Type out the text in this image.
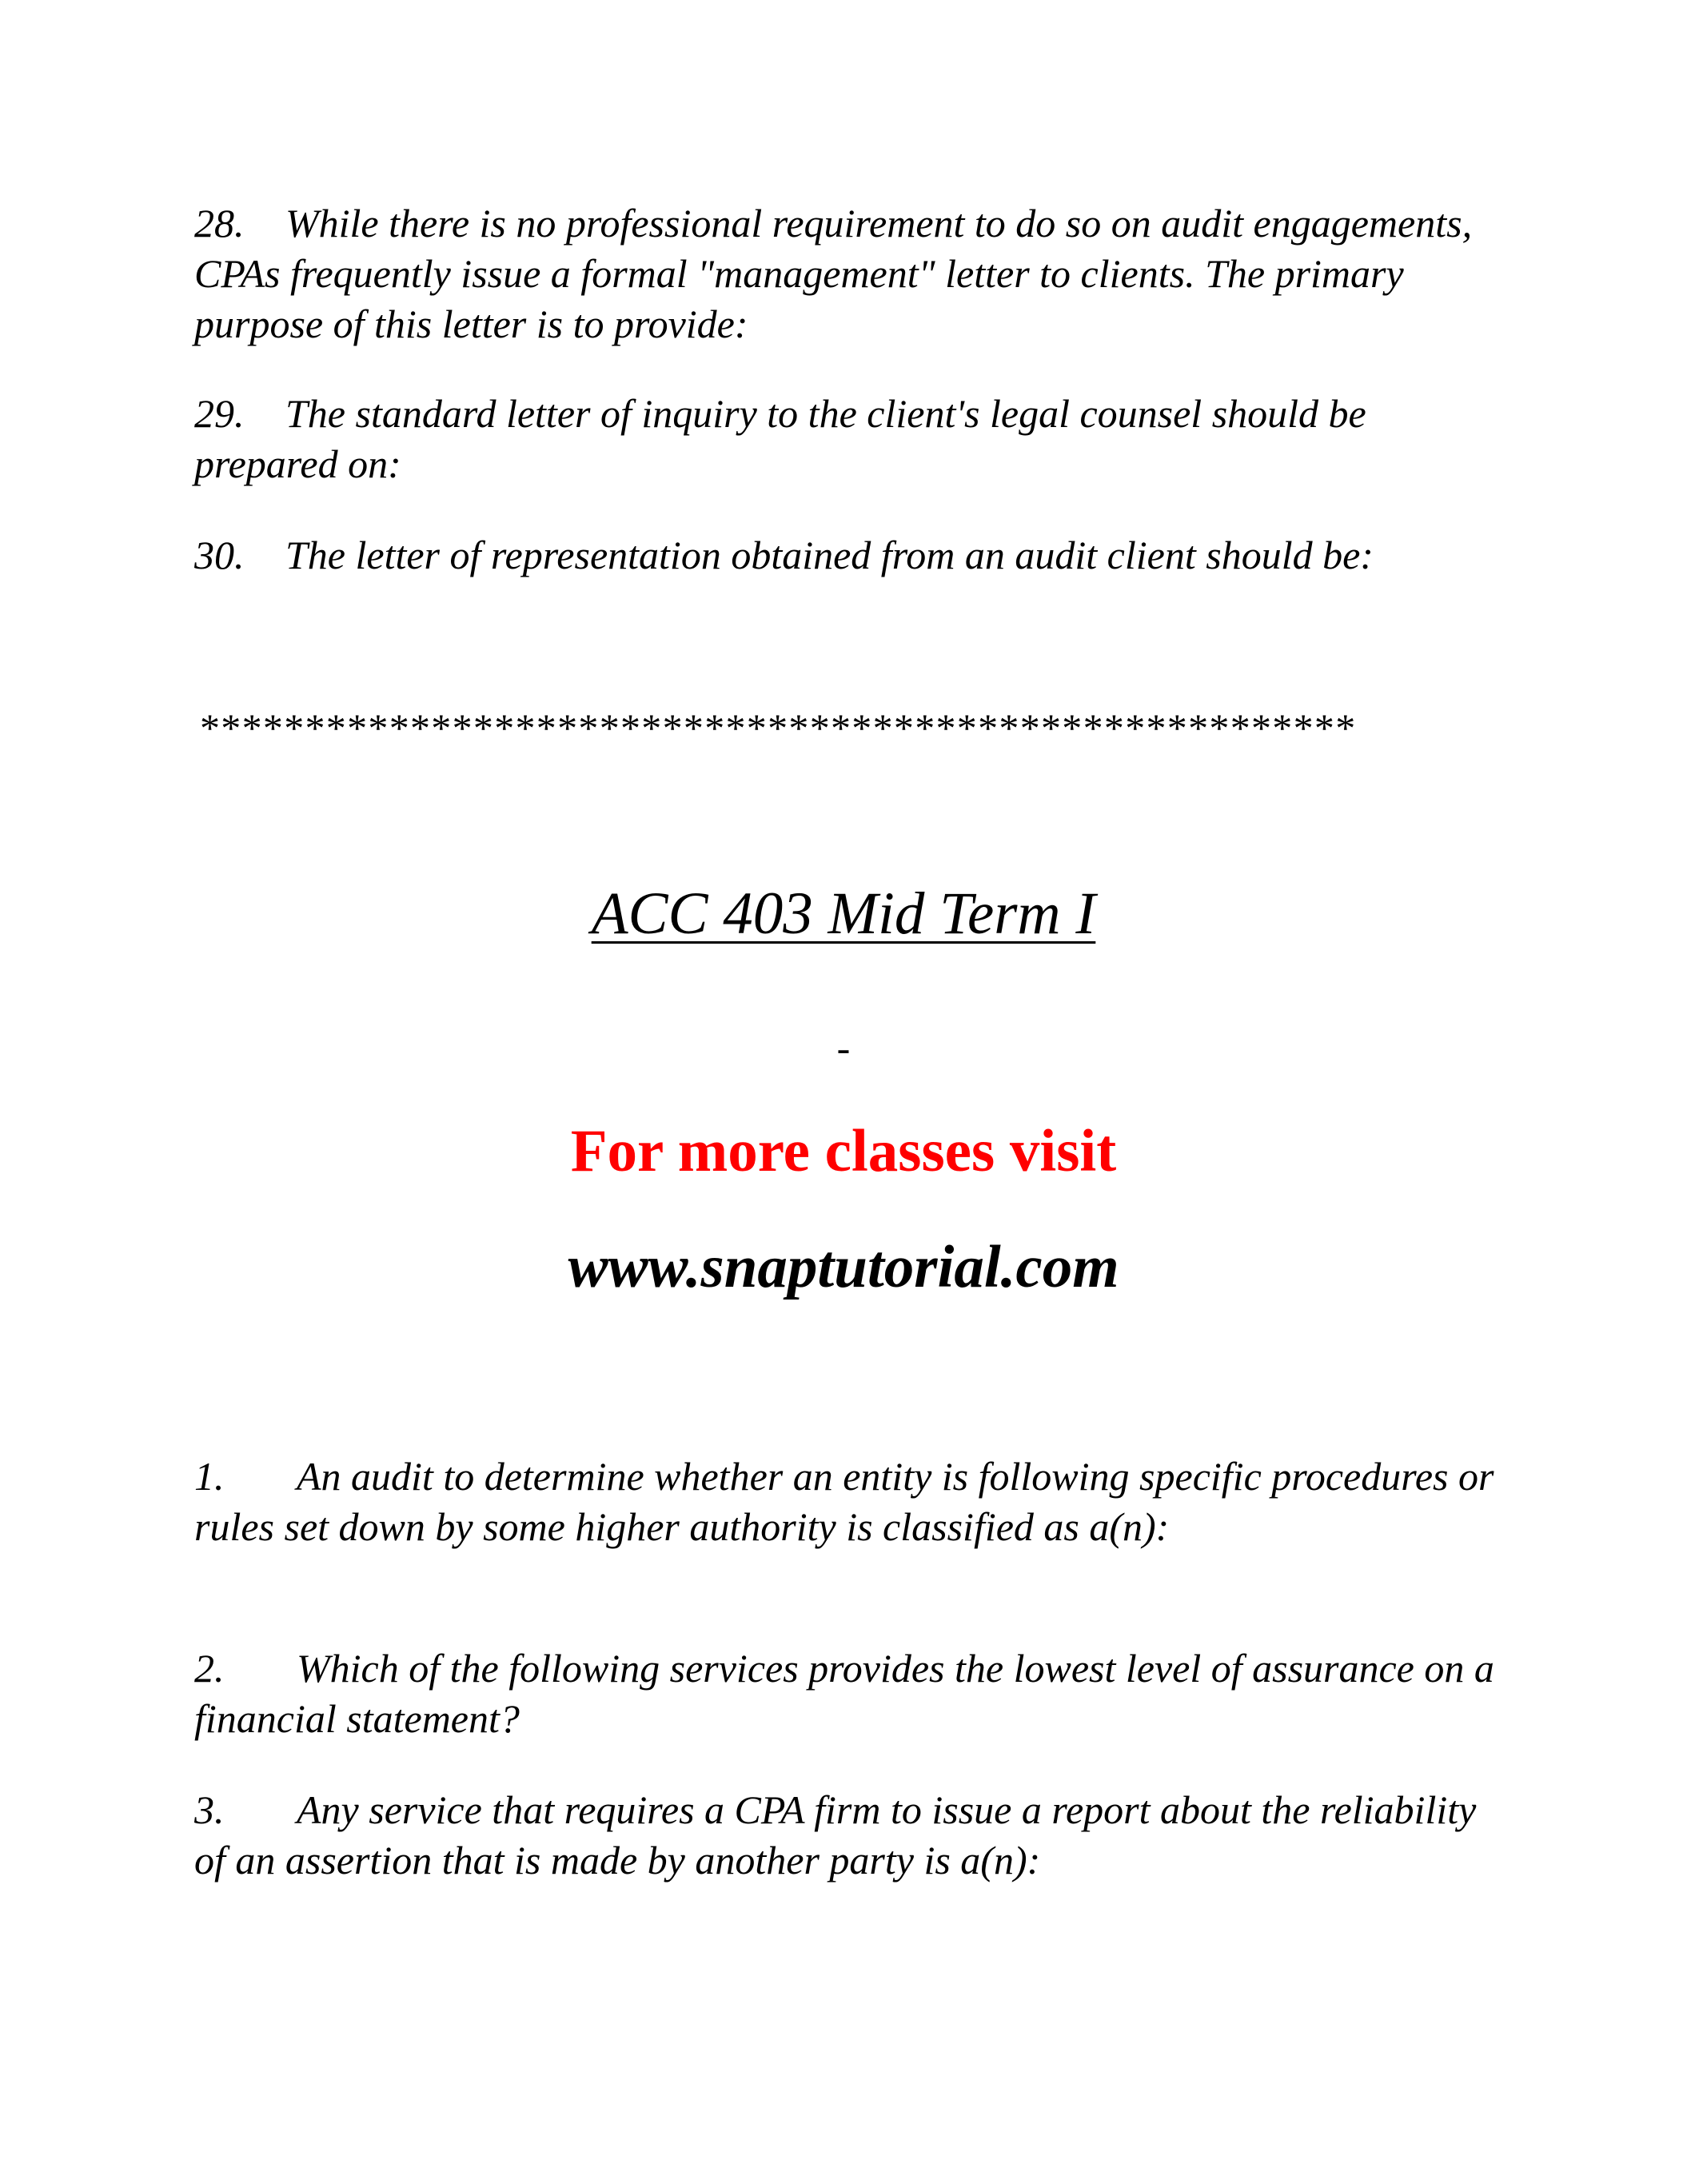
28. While there is no professional requirement to do so on audit engagements, CPAs frequently issue a formal "management" letter to clients. The primary purpose of this letter is to provide:

29. The standard letter of inquiry to the client's legal counsel should be prepared on:

30. The letter of representation obtained from an audit client should be:

*******************************************************
ACC 403 Mid Term I
-
For more classes visit
www.snaptutorial.com

1. An audit to determine whether an entity is following specific procedures or rules set down by some higher authority is classified as a(n):

2. Which of the following services provides the lowest level of assurance on a financial statement?

3. Any service that requires a CPA firm to issue a report about the reliability of an assertion that is made by another party is a(n):
